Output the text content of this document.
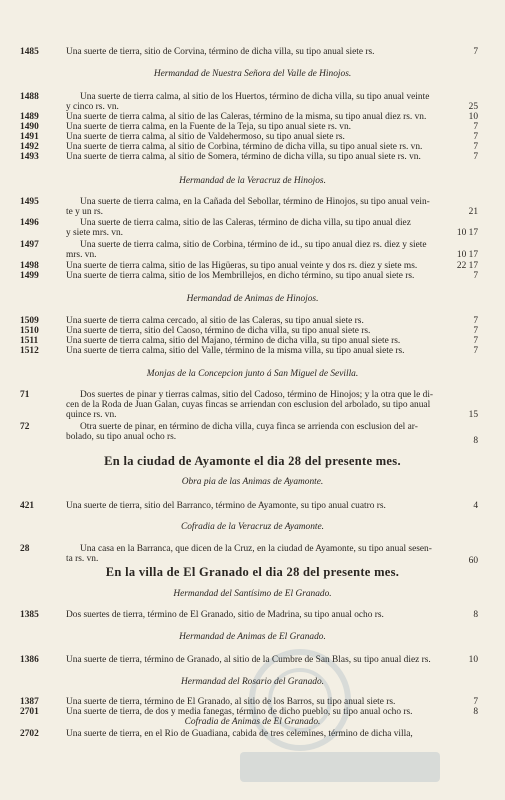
1485	Una suerte de tierra, sitio de Corvina, término de dicha villa, su tipo anual siete rs.	7
Hermandad de Nuestra Señora del Valle de Hinojos.
1488	Una suerte de tierra calma, al sitio de los Huertos, término de dicha villa, su tipo anual veinte
y cinco rs. vn.	25
1489	Una suerte de tierra calma, al sitio de las Caleras, término de la misma, su tipo anual diez rs. vn.	10
1490	Una suerte de tierra calma, en la Fuente de la Teja, su tipo anual siete rs. vn.	7
1491	Una suerte de tierra calma, al sitio de Valdehermoso, su tipo anual siete rs.	7
1492	Una suerte de tierra calma, al sitio de Corbina, término de dicha villa, su tipo anual siete rs. vn.	7
1493	Una suerte de tierra calma, al sitio de Somera, término de dicha villa, su tipo anual siete rs. vn.	7
Hermandad de la Veracruz de Hinojos.
1495	Una suerte de tierra calma, en la Cañada del Sebollar, término de Hinojos, su tipo anual vein-
te y un rs.	21
1496	Una suerte de tierra calma, sitio de las Caleras, término de dicha villa, su tipo anual diez
y siete mrs. vn.	10 17
1497	Una suerte de tierra calma, sitio de Corbina, término de id., su tipo anual diez rs. diez y siete
mrs. vn.	10 17
1498	Una suerte de tierra calma, sitio de las Higüeras, su tipo anual veinte y dos rs. diez y siete ms.	22 17
1499	Una suerte de tierra calma, sitio de los Membrillejos, en dicho término, su tipo anual siete rs.	7
Hermandad de Animas de Hinojos.
1509	Una suerte de tierra calma cercado, al sitio de las Caleras, su tipo anual siete rs.	7
1510	Una suerte de tierra, sitio del Caoso, término de dicha villa, su tipo anual siete rs.	7
1511	Una suerte de tierra calma, sitio del Majano, término de dicha villa, su tipo anual siete rs.	7
1512	Una suerte de tierra calma, sitio del Valle, término de la misma villa, su tipo anual siete rs.	7
Monjas de la Concepcion junto á San Miguel de Sevilla.
71	Dos suertes de pinar y tierras calmas, sitio del Cadoso, término de Hinojos; y la otra que le di-
cen de la Roda de Juan Galan, cuyas fincas se arriendan con esclusion del arbolado, su tipo anual
quince rs. vn.	15
72	Otra suerte de pinar, en término de dicha villa, cuya finca se arrienda con esclusion del ar-
bolado, su tipo anual ocho rs.	8
En la ciudad de Ayamonte el dia 28 del presente mes.
Obra pia de las Animas de Ayamonte.
421	Una suerte de tierra, sitio del Barranco, término de Ayamonte, su tipo anual cuatro rs.	4
Cofradia de la Veracruz de Ayamonte.
28	Una casa en la Barranca, que dicen de la Cruz, en la ciudad de Ayamonte, su tipo anual sesen-
ta rs. vn.	60
En la villa de El Granado el dia 28 del presente mes.
Hermandad del Santísimo de El Granado.
1385	Dos suertes de tierra, término de El Granado, sitio de Madrina, su tipo anual ocho rs.	8
Hermandad de Animas de El Granado.
1386	Una suerte de tierra, término de Granado, al sitio de la Cumbre de San Blas, su tipo anual diez rs.	10
Hermandad del Rosario del Granado.
1387	Una suerte de tierra, término de El Granado, al sitio de los Barros, su tipo anual siete rs.	7
2701	Una suerte de tierra, de dos y media fanegas, término de dicho pueblo, su tipo anual ocho rs.	8
Cofradia de Animas de El Granado.
2702	Una suerte de tierra, en el Rio de Guadiana, cabida de tres celemines, término de dicha villa,
